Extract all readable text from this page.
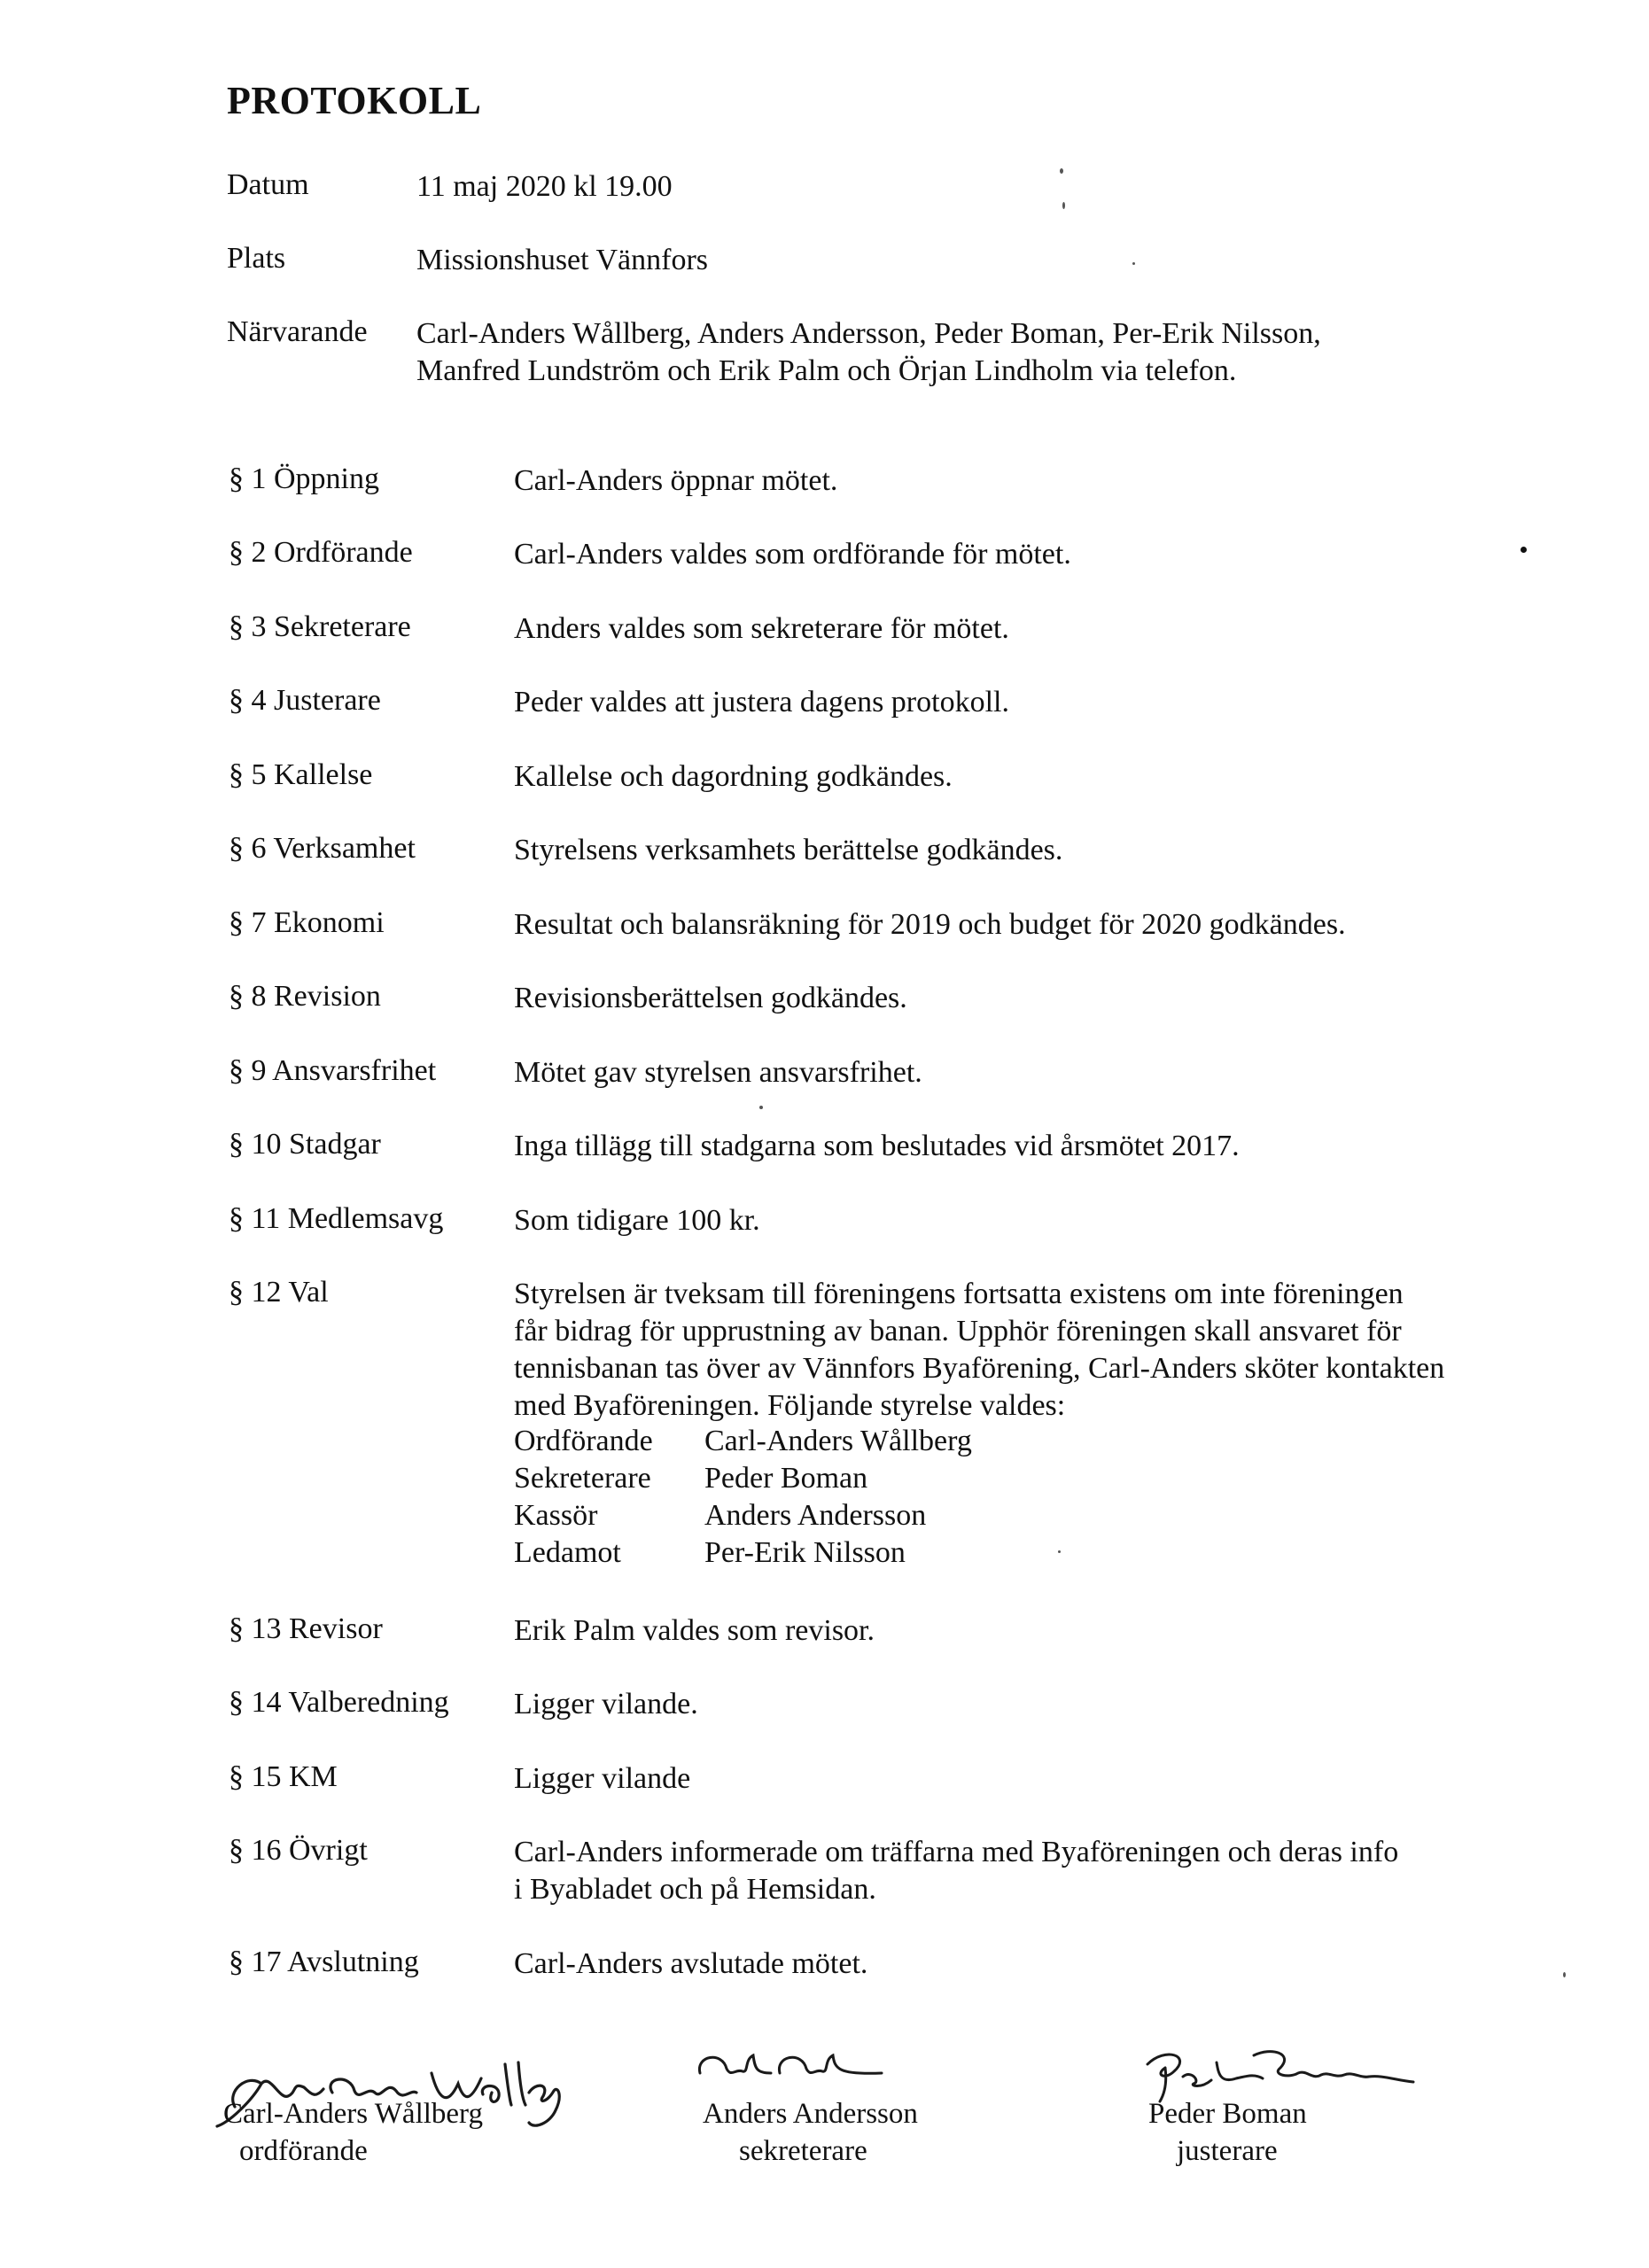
PROTOKOLL
Datum	11 maj 2020 kl 19.00
Plats	Missionshuset Vännfors
Närvarande Carl-Anders Wållberg, Anders Andersson, Peder Boman, Per-Erik Nilsson,
Manfred Lundström och Erik Palm och Örjan Lindholm via telefon.
§ 1 Öppning	Carl-Anders öppnar mötet.
§ 2 Ordförande	Carl-Anders valdes som ordförande för mötet.
§ 3 Sekreterare	Anders valdes som sekreterare för mötet.
§ 4 Justerare	Peder valdes att justera dagens protokoll.
§ 5 Kallelse	Kallelse och dagordning godkändes.
§ 6 Verksamhet	Styrelsens verksamhets berättelse godkändes.
§ 7 Ekonomi	Resultat och balansräkning för 2019 och budget för 2020 godkändes.
§ 8 Revision	Revisionsberättelsen godkändes.
§ 9 Ansvarsfrihet	Mötet gav styrelsen ansvarsfrihet.
§ 10 Stadgar	Inga tillägg till stadgarna som beslutades vid årsmötet 2017.
§ 11 Medlemsavg Som tidigare 100 kr.
§ 12 Val	Styrelsen är tveksam till föreningens fortsatta existens om inte föreningen
får bidrag för upprustning av banan. Upphör föreningen skall ansvaret för
tennisbanan tas över av Vännfors Byaförening, Carl-Anders sköter kontakten
med Byaföreningen. Följande styrelse valdes:
Ordförande Carl-Anders Wållberg
Sekreterare Peder Boman
Kassör	Anders Andersson
Ledamot	Per-Erik Nilsson
§ 13 Revisor	Erik Palm valdes som revisor.
§ 14 Valberedning Ligger vilande.
§ 15 KM	Ligger vilande
§ 16 Övrigt	Carl-Anders informerade om träffarna med Byaföreningen och deras info
i Byabladet och på Hemsidan.
§ 17 Avslutning	Carl-Anders avslutade mötet.
Carl-Anders Wållberg
ordförande
Anders Andersson
sekreterare
Peder Boman
justerare
